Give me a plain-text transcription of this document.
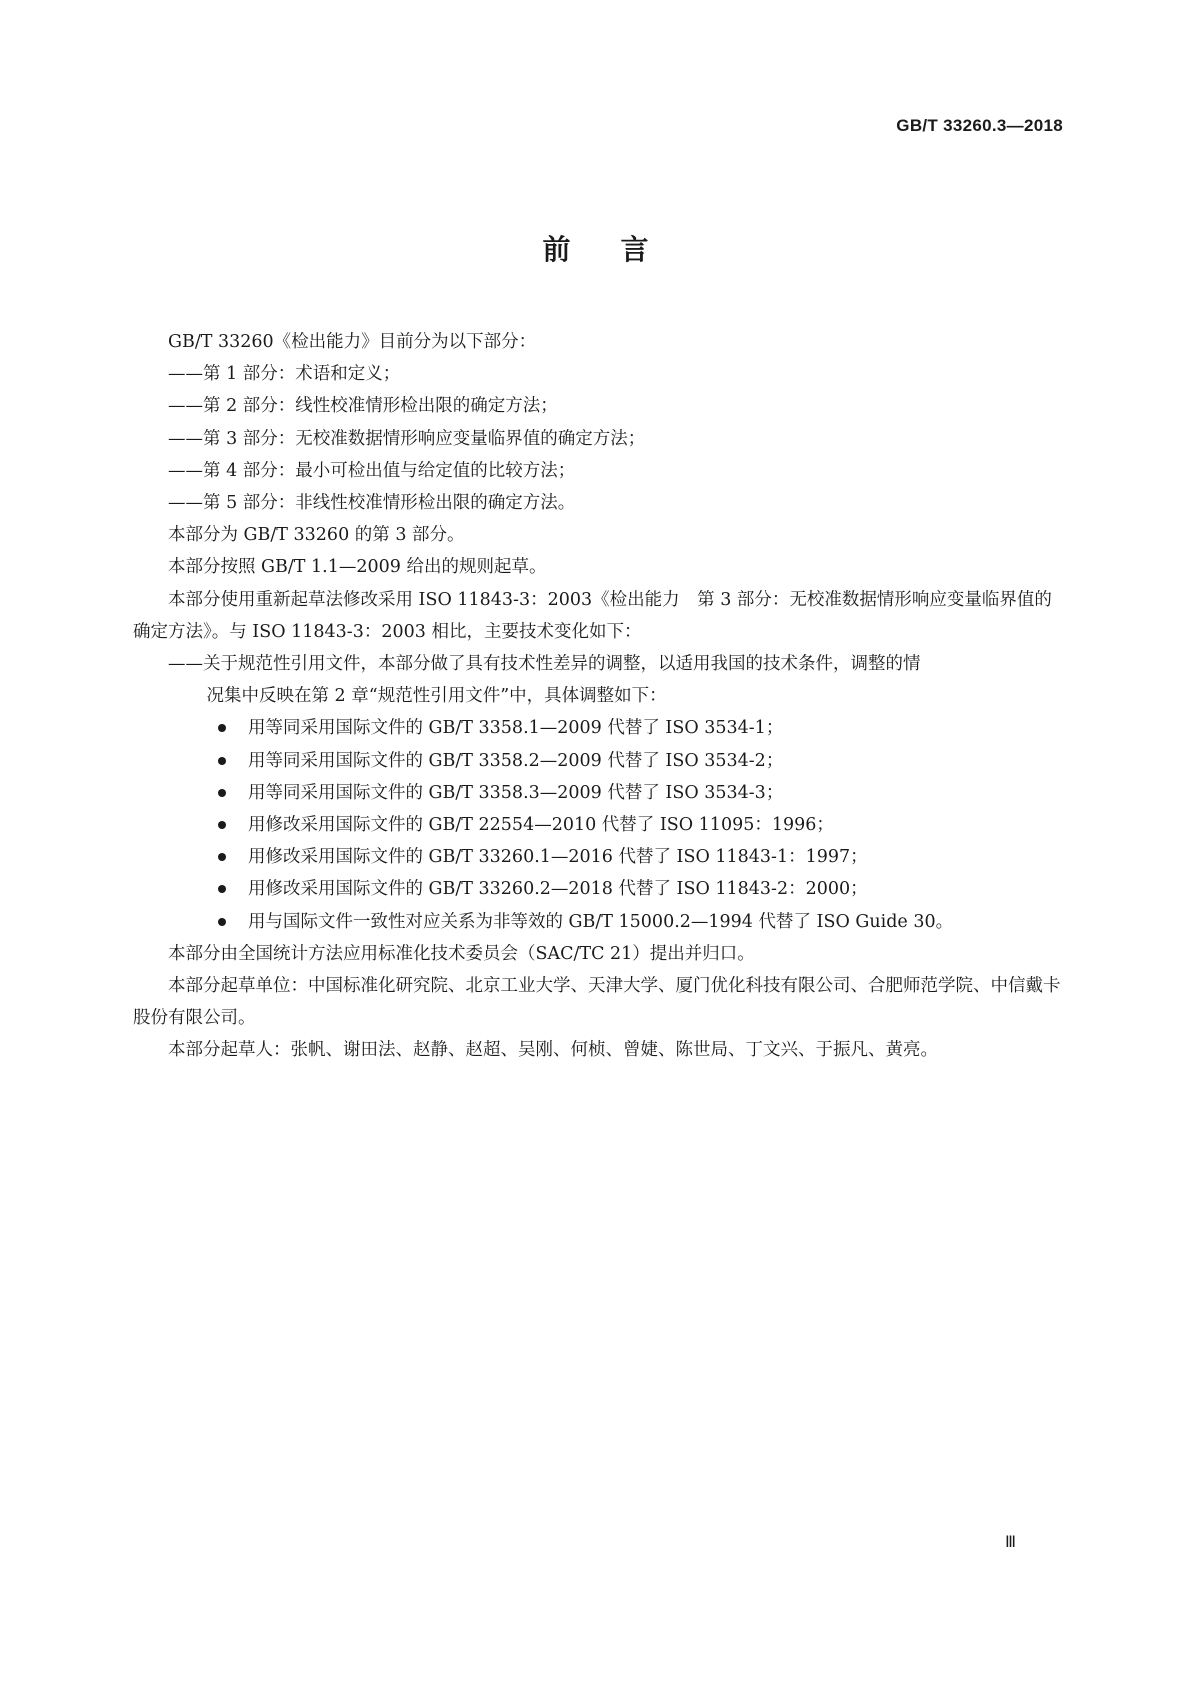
GB/T 33260.3—2018
前言

GB/T 33260《检出能力》目前分为以下部分：

——第 1 部分：术语和定义；

——第 2 部分：线性校准情形检出限的确定方法；

——第 3 部分：无校准数据情形响应变量临界值的确定方法；

——第 4 部分：最小可检出值与给定值的比较方法；

——第 5 部分：非线性校准情形检出限的确定方法。

本部分为 GB/T 33260 的第 3 部分。

本部分按照 GB/T 1.1—2009 给出的规则起草。

本部分使用重新起草法修改采用 ISO 11843-3：2003《检出能力　第 3 部分：无校准数据情形响应变量临界值的确定方法》。与 ISO 11843-3：2003 相比，主要技术变化如下：

——关于规范性引用文件，本部分做了具有技术性差异的调整，以适用我国的技术条件，调整的情

况集中反映在第 2 章“规范性引用文件”中，具体调整如下：

用等同采用国际文件的 GB/T 3358.1—2009 代替了 ISO 3534-1；
用等同采用国际文件的 GB/T 3358.2—2009 代替了 ISO 3534-2；
用等同采用国际文件的 GB/T 3358.3—2009 代替了 ISO 3534-3；
用修改采用国际文件的 GB/T 22554—2010 代替了 ISO 11095：1996；
用修改采用国际文件的 GB/T 33260.1—2016 代替了 ISO 11843-1：1997；
用修改采用国际文件的 GB/T 33260.2—2018 代替了 ISO 11843-2：2000；
用与国际文件一致性对应关系为非等效的 GB/T 15000.2—1994 代替了 ISO Guide 30。

本部分由全国统计方法应用标准化技术委员会（SAC/TC 21）提出并归口。

本部分起草单位：中国标准化研究院、北京工业大学、天津大学、厦门优化科技有限公司、合肥师范学院、中信戴卡股份有限公司。

本部分起草人：张帆、谢田法、赵静、赵超、吴刚、何桢、曾婕、陈世局、丁文兴、于振凡、黄亮。

Ⅲ
